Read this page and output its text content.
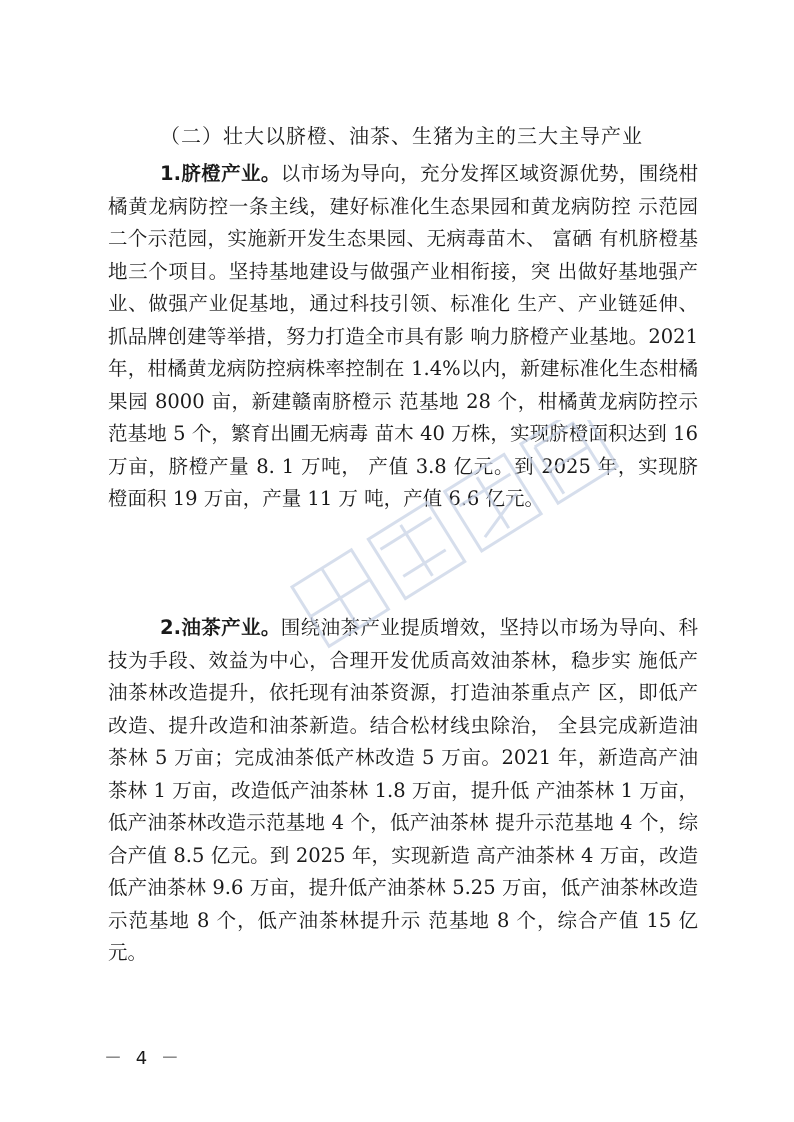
（二）壮大以脐橙、油茶、生猪为主的三大主导产业

1.脐橙产业。以市场为导向，充分发挥区域资源优势，围绕柑橘黄龙病防控一条主线，建好标准化生态果园和黄龙病防控 示范园二个示范园，实施新开发生态果园、无病毒苗木、 富硒 有机脐橙基地三个项目。坚持基地建设与做强产业相衔接，突 出做好基地强产业、做强产业促基地，通过科技引领、标准化 生产、产业链延伸、抓品牌创建等举措，努力打造全市具有影 响力脐橙产业基地。2021 年，柑橘黄龙病防控病株率控制在 1.4%以内，新建标准化生态柑橘果园 8000 亩，新建赣南脐橙示 范基地 28 个，柑橘黄龙病防控示范基地 5 个，繁育出圃无病毒 苗木 40 万株，实现脐橙面积达到 16 万亩，脐橙产量 8. 1 万吨， 产值 3.8 亿元。到 2025 年，实现脐橙面积 19 万亩，产量 11 万 吨，产值 6.6 亿元。

2.油茶产业。围绕油茶产业提质增效，坚持以市场为导向、科技为手段、效益为中心，合理开发优质高效油茶林，稳步实 施低产油茶林改造提升，依托现有油茶资源，打造油茶重点产 区，即低产改造、提升改造和油茶新造。结合松材线虫除治， 全县完成新造油茶林 5 万亩；完成油茶低产林改造 5 万亩。2021 年，新造高产油茶林 1 万亩，改造低产油茶林 1.8 万亩，提升低 产油茶林 1 万亩，低产油茶林改造示范基地 4 个，低产油茶林 提升示范基地 4 个，综合产值 8.5 亿元。到 2025 年，实现新造 高产油茶林 4 万亩，改造低产油茶林 9.6 万亩，提升低产油茶林 5.25 万亩，低产油茶林改造示范基地 8 个，低产油茶林提升示 范基地 8 个，综合产值 15 亿元。

－ 4 －
